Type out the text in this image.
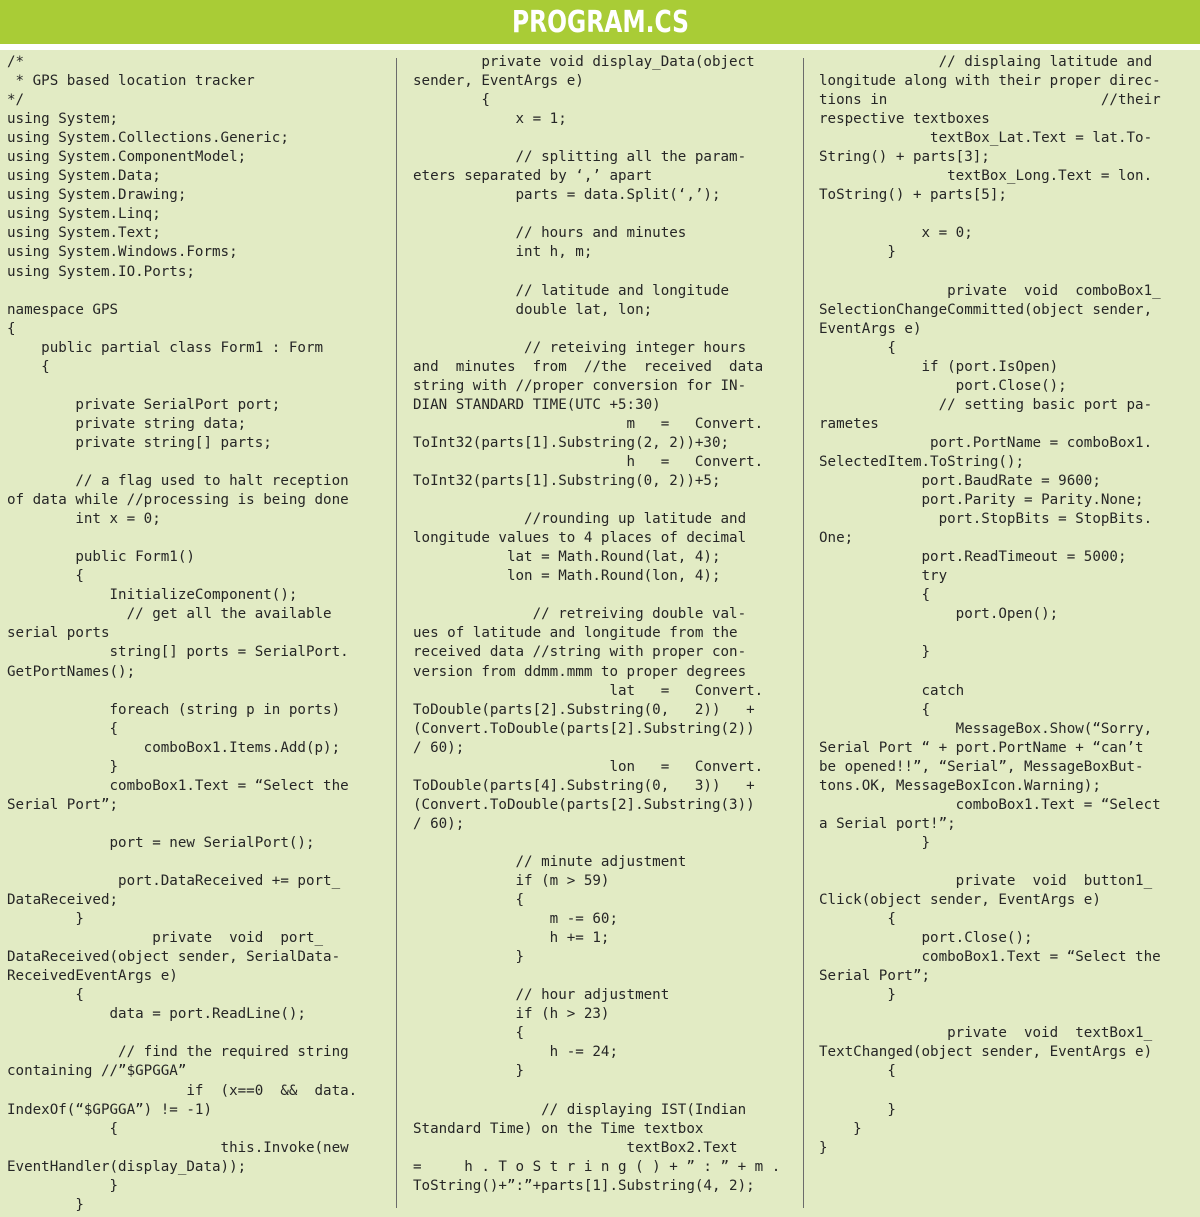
PROGRAM.CS
/*
* GPS based location tracker
*/
using System;
using System.Collections.Generic;
using System.ComponentModel;
using System.Data;
using System.Drawing;
using System.Linq;
using System.Text;
using System.Windows.Forms;
using System.IO.Ports;
namespace GPS
{
public partial class Form1 : Form
{
private SerialPort port;
private string data;
private string[] parts;
// a flag used to halt reception
of data while //processing is being done
int x = 0;
public Form1()
{
InitializeComponent();
// get all the available
serial ports
string[] ports = SerialPort.
GetPortNames();
foreach (string p in ports)
{
comboBox1.Items.Add(p);
}
comboBox1.Text = “Select the
Serial Port”;
port = new SerialPort();
port.DataReceived += port_
DataReceived;
}
private  void  port_
DataReceived(object sender, SerialData-
ReceivedEventArgs e)
{
data = port.ReadLine();
// find the required string
containing //”$GPGGA”
if  (x==0  &&  data.
IndexOf(“$GPGGA”) != -1)
{
this.Invoke(new
EventHandler(display_Data));
}
}
private void display_Data(object
sender, EventArgs e)
{
x = 1;
// splitting all the param-
eters separated by ‘,’ apart
parts = data.Split(‘,’);
// hours and minutes
int h, m;
// latitude and longitude
double lat, lon;
// reteiving integer hours
and  minutes  from  //the  received  data
string with //proper conversion for IN-
DIAN STANDARD TIME(UTC +5:30)
m   =   Convert.
ToInt32(parts[1].Substring(2, 2))+30;
h   =   Convert.
ToInt32(parts[1].Substring(0, 2))+5;
//rounding up latitude and
longitude values to 4 places of decimal
lat = Math.Round(lat, 4);
lon = Math.Round(lon, 4);
// retreiving double val-
ues of latitude and longitude from the
received data //string with proper con-
version from ddmm.mmm to proper degrees
lat   =   Convert.
ToDouble(parts[2].Substring(0,   2))   +
(Convert.ToDouble(parts[2].Substring(2))
/ 60);
lon   =   Convert.
ToDouble(parts[4].Substring(0,   3))   +
(Convert.ToDouble(parts[2].Substring(3))
/ 60);
// minute adjustment
if (m > 59)
{
m -= 60;
h += 1;
}
// hour adjustment
if (h > 23)
{
h -= 24;
}
// displaying IST(Indian
Standard Time) on the Time textbox
textBox2.Text
=     h . T o S t r i n g ( ) + ” : ” + m .
ToString()+”:”+parts[1].Substring(4, 2);
// displaing latitude and
longitude along with their proper direc-
tions in                         //their
respective textboxes
textBox_Lat.Text = lat.To-
String() + parts[3];
textBox_Long.Text = lon.
ToString() + parts[5];
x = 0;
}
private  void  comboBox1_
SelectionChangeCommitted(object sender,
EventArgs e)
{
if (port.IsOpen)
port.Close();
// setting basic port pa-
rametes
port.PortName = comboBox1.
SelectedItem.ToString();
port.BaudRate = 9600;
port.Parity = Parity.None;
port.StopBits = StopBits.
One;
port.ReadTimeout = 5000;
try
{
port.Open();
}
catch
{
MessageBox.Show(“Sorry,
Serial Port “ + port.PortName + “can’t
be opened!!”, “Serial”, MessageBoxBut-
tons.OK, MessageBoxIcon.Warning);
comboBox1.Text = “Select
a Serial port!”;
}
private  void  button1_
Click(object sender, EventArgs e)
{
port.Close();
comboBox1.Text = “Select the
Serial Port”;
}
private  void  textBox1_
TextChanged(object sender, EventArgs e)
{
}
}
}
